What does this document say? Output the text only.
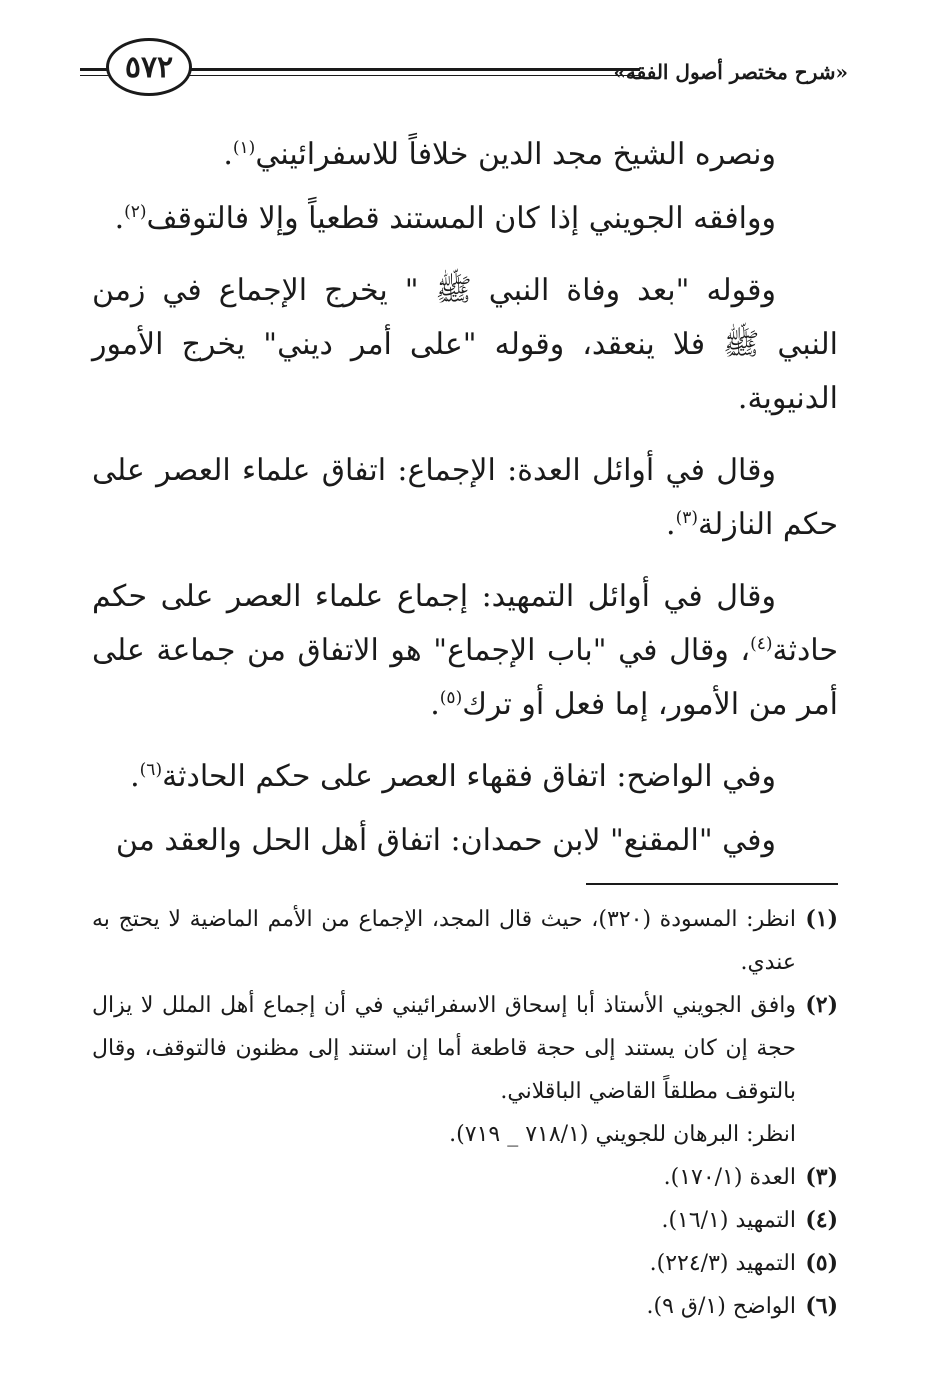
«شرح مختصر أصول الفقه»
٥٧٢

ونصره الشيخ مجد الدين خلافاً للاسفرائيني$^{(١)}$.

ووافقه الجويني إذا كان المستند قطعياً وإلا فالتوقف$^{(٢)}$.

وقوله "بعد وفاة النبي ﷺ " يخرج الإجماع في زمن النبي ﷺ فلا ينعقد، وقوله "على أمر ديني" يخرج الأمور الدنيوية.

وقال في أوائل العدة: الإجماع: اتفاق علماء العصر على حكم النازلة$^{(٣)}$.

وقال في أوائل التمهيد: إجماع علماء العصر على حكم حادثة$^{(٤)}$، وقال في "باب الإجماع" هو الاتفاق من جماعة على أمر من الأمور، إما فعل أو ترك$^{(٥)}$.

وفي الواضح: اتفاق فقهاء العصر على حكم الحادثة$^{(٦)}$.

وفي "المقنع" لابن حمدان: اتفاق أهل الحل والعقد من

(١)
انظر: المسودة (٣٢٠)، حيث قال المجد، الإجماع من الأمم الماضية لا يحتج به عندي.
(٢)
وافق الجويني الأستاذ أبا إسحاق الاسفرائيني في أن إجماع أهل الملل لا يزال حجة إن كان يستند إلى حجة قاطعة أما إن استند إلى مظنون فالتوقف، وقال بالتوقف مطلقاً القاضي الباقلاني.
انظر: البرهان للجويني (٧١٨/١ _ ٧١٩).
(٣)
العدة (١٧٠/١).
(٤)
التمهيد (١٦/١).
(٥)
التمهيد (٢٢٤/٣).
(٦)
الواضح (١/ق ٩).
